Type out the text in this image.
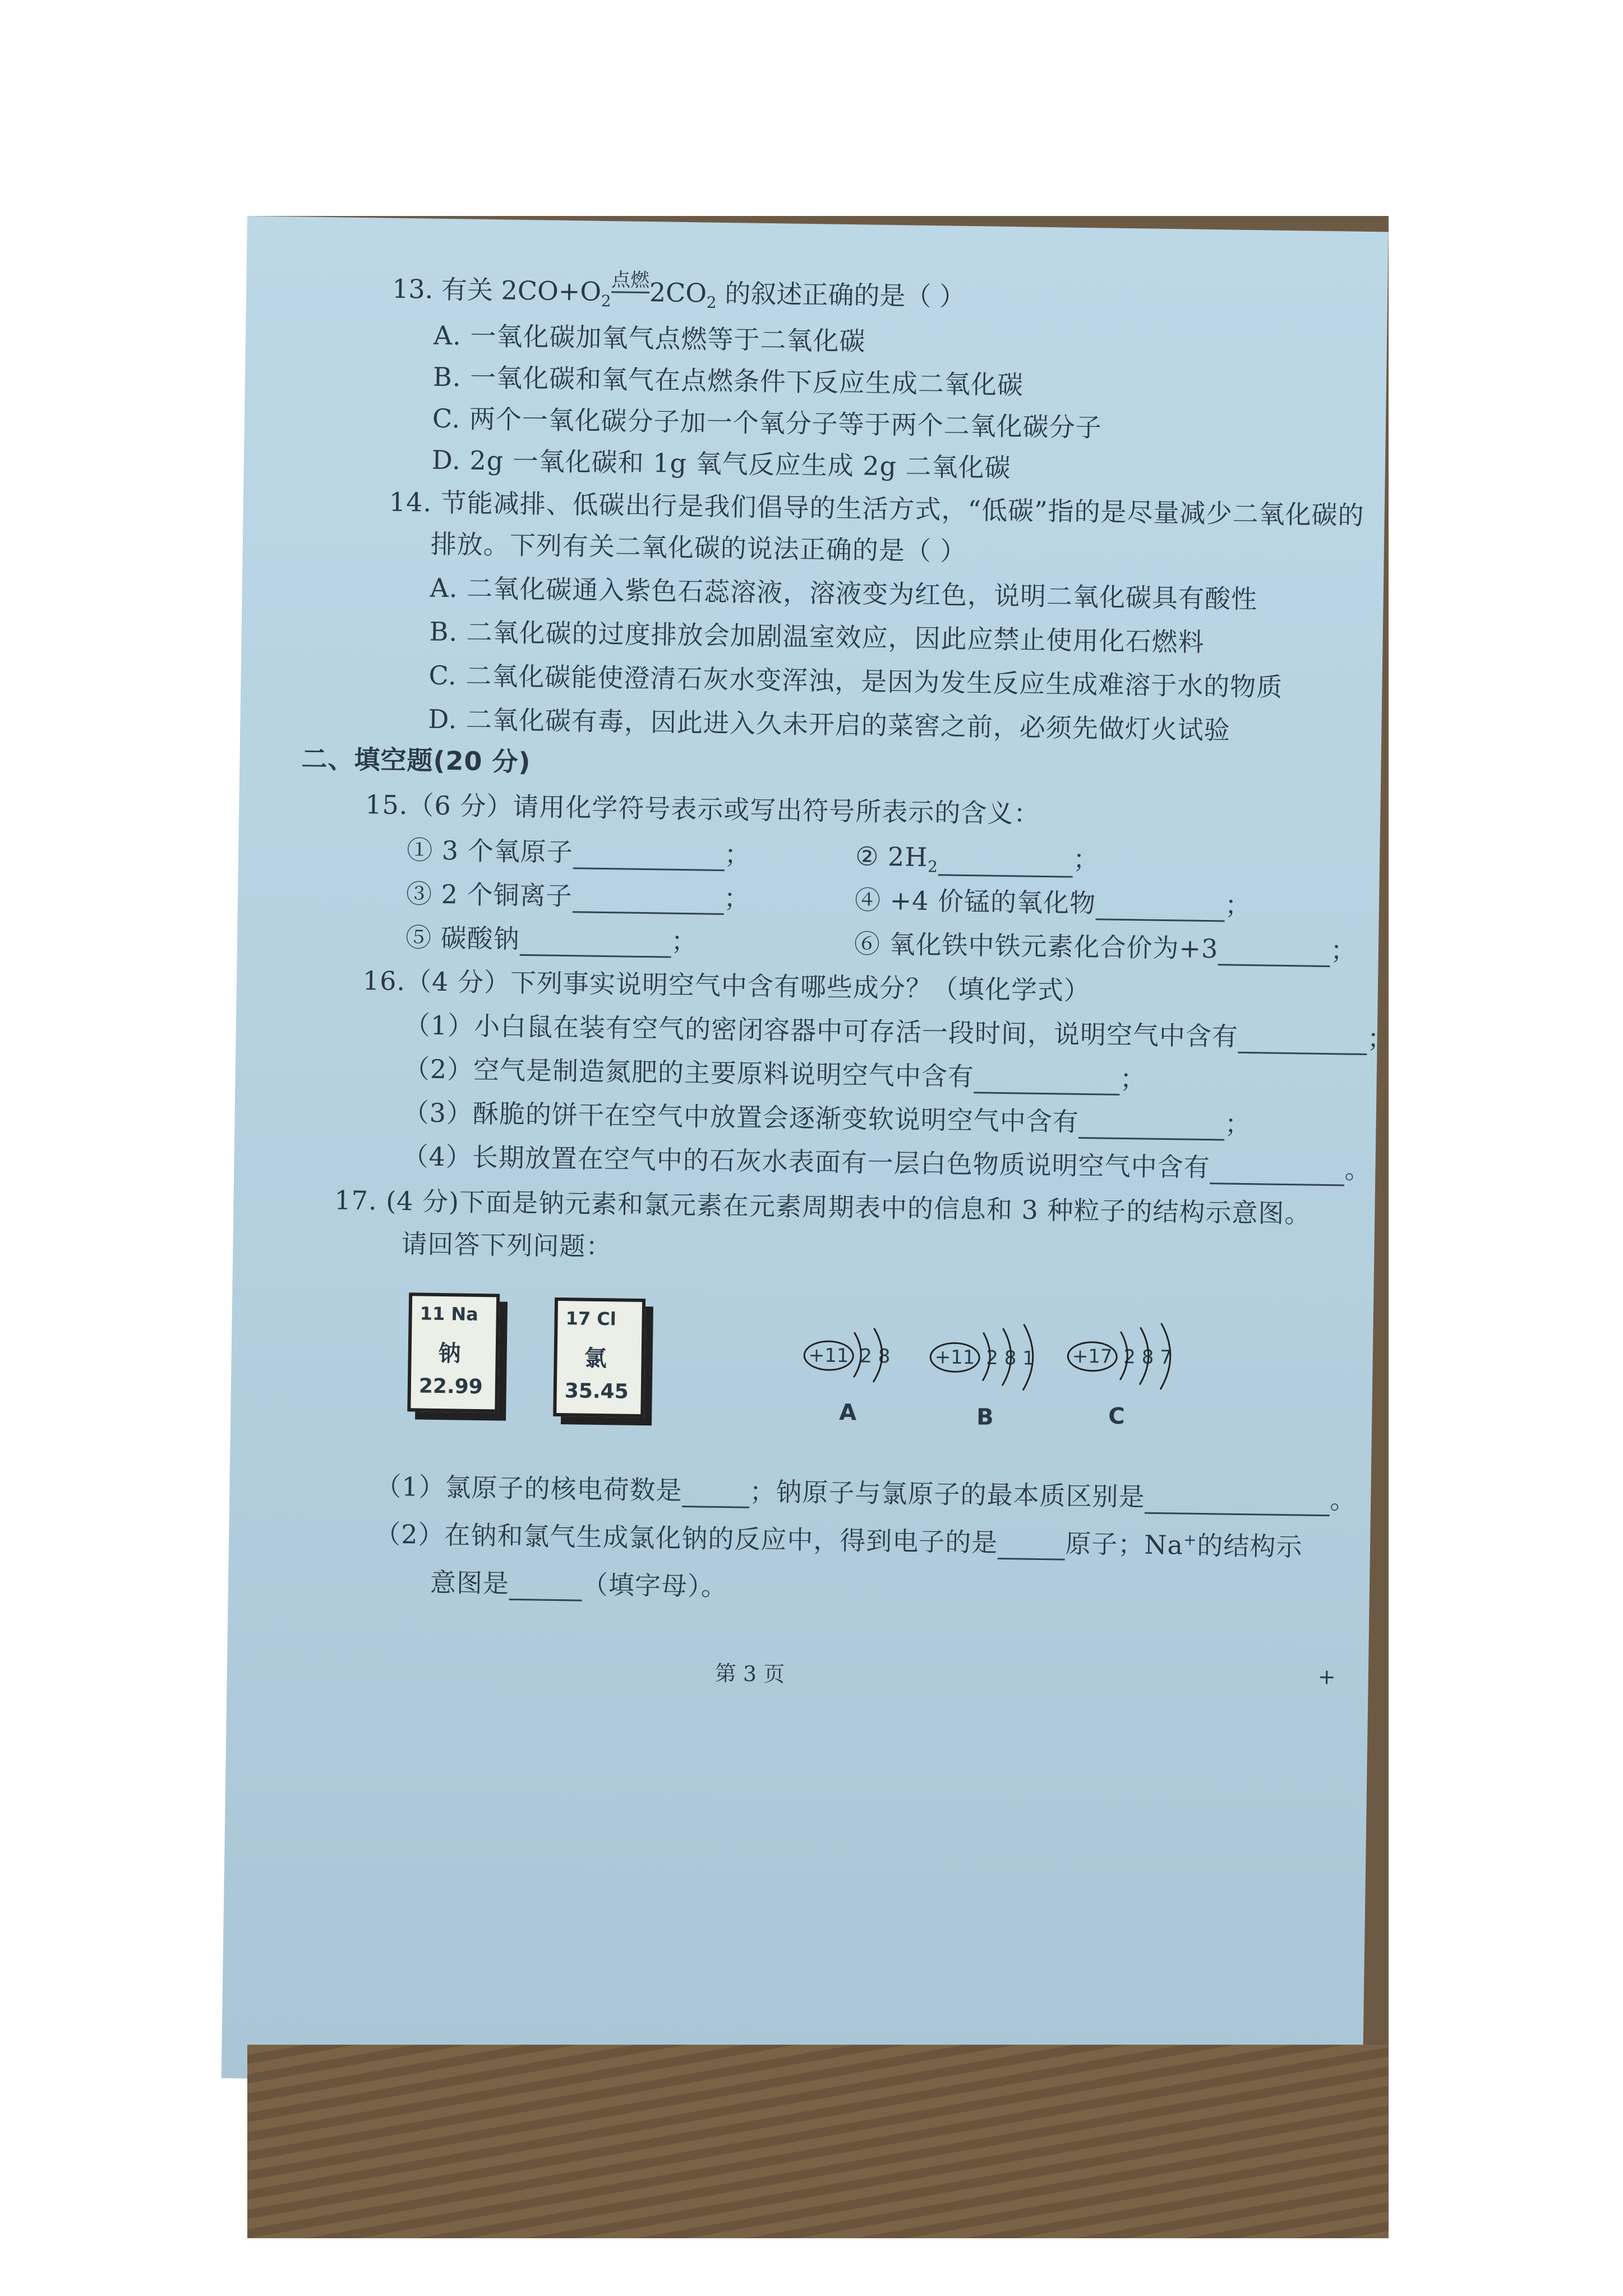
13. 有关 $2CO+O_2^{点燃}2CO_2$ 的叙述正确的是（ ）
A. 一氧化碳加氧气点燃等于二氧化碳
B. 一氧化碳和氧气在点燃条件下反应生成二氧化碳
C. 两个一氧化碳分子加一个氧分子等于两个二氧化碳分子
D. 2g 一氧化碳和 1g 氧气反应生成 2g 二氧化碳
14. 节能减排、低碳出行是我们倡导的生活方式，“低碳”指的是尽量减少二氧化碳的
排放。下列有关二氧化碳的说法正确的是（ ）
A. 二氧化碳通入紫色石蕊溶液，溶液变为红色，说明二氧化碳具有酸性
B. 二氧化碳的过度排放会加剧温室效应，因此应禁止使用化石燃料
C. 二氧化碳能使澄清石灰水变浑浊，是因为发生反应生成难溶于水的物质
D. 二氧化碳有毒，因此进入久未开启的菜窖之前，必须先做灯火试验
二、填空题(20 分)
15.（6 分）请用化学符号表示或写出符号所表示的含义：
① 3 个氧原子	；	② $2H_2$	；
③ 2 个铜离子	；	④ +4 价锰的氧化物	；
⑤ 碳酸钠	；	⑥ 氧化铁中铁元素化合价为+3	；
16.（4 分）下列事实说明空气中含有哪些成分？（填化学式）
（1）小白鼠在装有空气的密闭容器中可存活一段时间，说明空气中含有	；
（2）空气是制造氮肥的主要原料说明空气中含有	；
（3）酥脆的饼干在空气中放置会逐渐变软说明空气中含有	；
（4）长期放置在空气中的石灰水表面有一层白色物质说明空气中含有	。
17. (4 分)下面是钠元素和氯元素在元素周期表中的信息和 3 种粒子的结构示意图。
请回答下列问题：
11 Na
钠
22.99
17 Cl
氯
35.45
+11 2 8
A
+11 2 8 1
B
+17 2 8 7
C
（1）氯原子的核电荷数是	；钠原子与氯原子的最本质区别是	。
（2）在钠和氯气生成氯化钠的反应中，得到电子的是	原子；Na+的结构示
意图是	（填字母）。
第 3 页	+
